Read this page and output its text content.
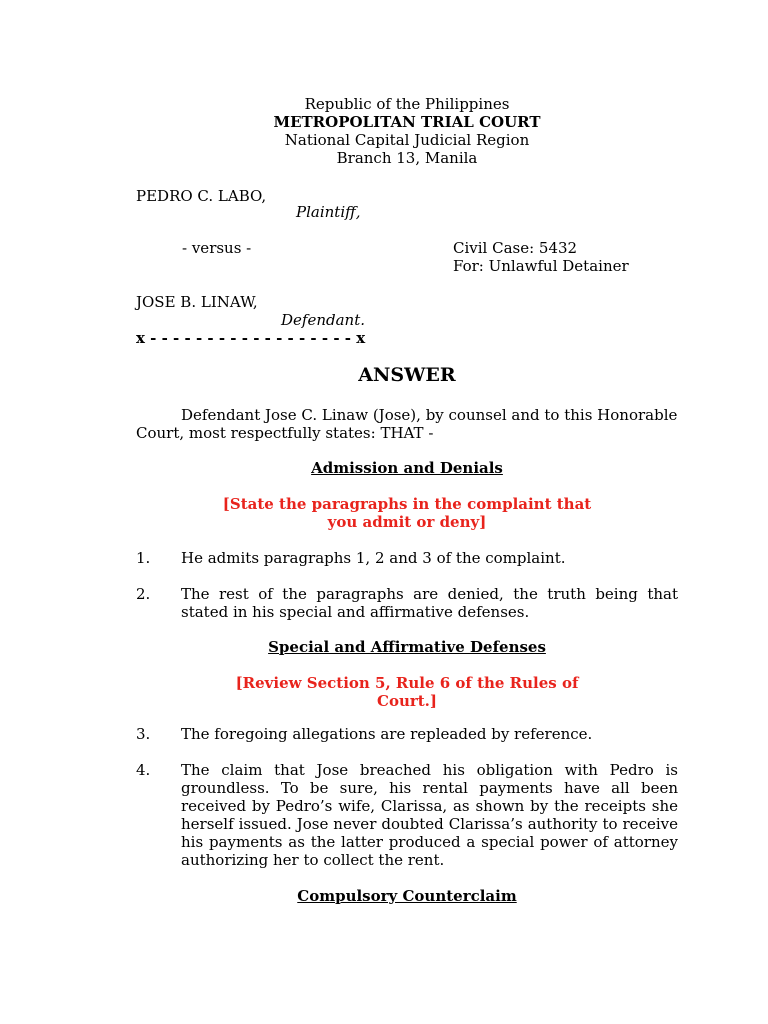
Republic of the Philippines
METROPOLITAN TRIAL COURT
National Capital Judicial Region
Branch 13, Manila
PEDRO C. LABO,
Plaintiff,
- versus -	Civil Case: 5432
For: Unlawful Detainer
JOSE B. LINAW,
Defendant.
x - - - - - - - - - - - - - - - - - - x
ANSWER
Defendant Jose C. Linaw (Jose), by counsel and to this Honorable
Court, most respectfully states: THAT -
Admission and Denials
[State the paragraphs in the complaint that
you admit or deny]
1. He admits paragraphs 1, 2 and 3 of the complaint.
2. The rest of the paragraphs are denied, the truth being that stated in his special and affirmative defenses.
Special and Affirmative Defenses
[Review Section 5, Rule 6 of the Rules of
Court.]
3. The foregoing allegations are repleaded by reference.
4. The claim that Jose breached his obligation with Pedro is groundless. To be sure, his rental payments have all been received by Pedro’s wife, Clarissa, as shown by the receipts she herself issued. Jose never doubted Clarissa’s authority to receive his payments as the latter produced a special power of attorney authorizing her to collect the rent.
Compulsory Counterclaim
